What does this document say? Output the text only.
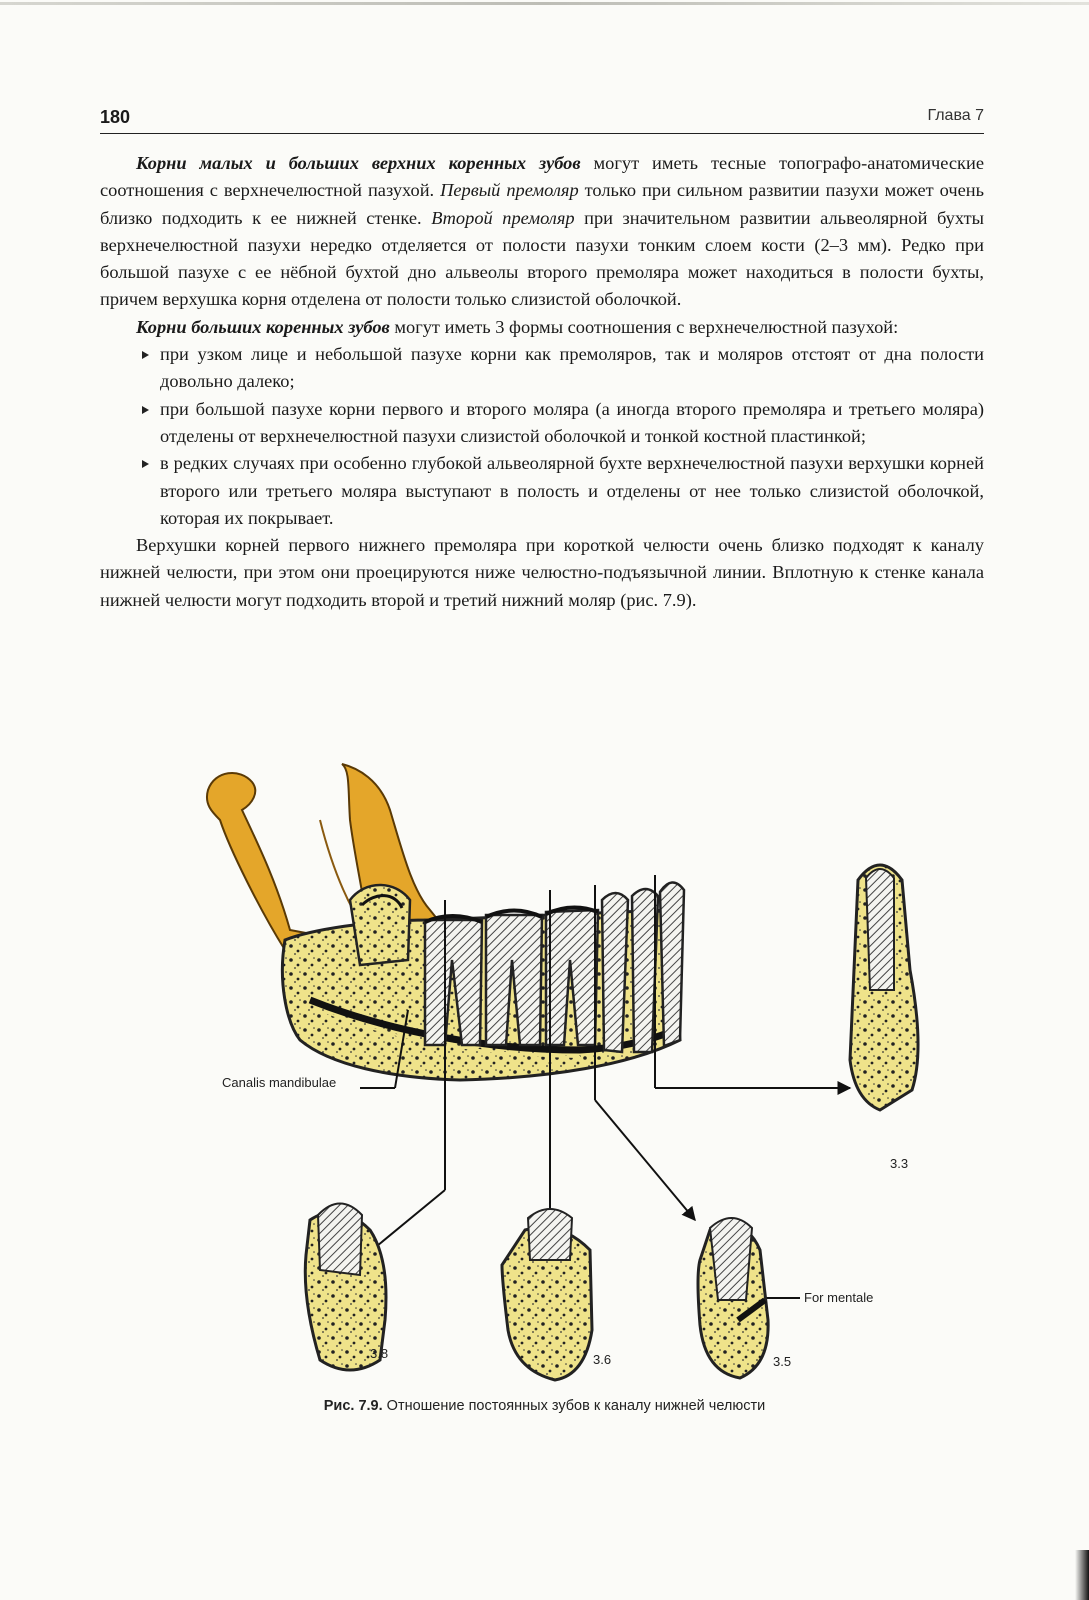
180	Глава 7

Корни малых и больших верхних коренных зубов могут иметь тесные топографо-анатомические соотношения с верхнечелюстной пазухой. Первый премоляр только при сильном развитии пазухи может очень близко подходить к ее нижней стенке. Второй премоляр при значительном развитии альвеолярной бухты верхнечелюстной пазухи нередко отделяется от полости пазухи тонким слоем кости (2–3 мм). Редко при большой пазухе с ее нёбной бухтой дно альвеолы второго премоляра может находиться в полости бухты, причем верхушка корня отделена от полости только слизистой оболочкой.

Корни больших коренных зубов могут иметь 3 формы соотношения с верхнечелюстной пазухой:

при узком лице и небольшой пазухе корни как премоляров, так и моляров отстоят от дна полости довольно далеко;
при большой пазухе корни первого и второго моляра (а иногда второго премоляра и третьего моляра) отделены от верхнечелюстной пазухи слизистой оболочкой и тонкой костной пластинкой;
в редких случаях при особенно глубокой альвеолярной бухте верхнечелюстной пазухи верхушки корней второго или третьего моляра выступают в полость и отделены от нее только слизистой оболочкой, которая их покрывает.

Верхушки корней первого нижнего премоляра при короткой челюсти очень близко подходят к каналу нижней челюсти, при этом они проецируются ниже челюстно-подъязычной линии. Вплотную к стенке канала нижней челюсти могут подходить второй и третий нижний моляр (рис. 7.9).

Canalis mandibulae
For mentale
3.3
3.8	3.6	3.5
Рис. 7.9. Отношение постоянных зубов к каналу нижней челюсти
